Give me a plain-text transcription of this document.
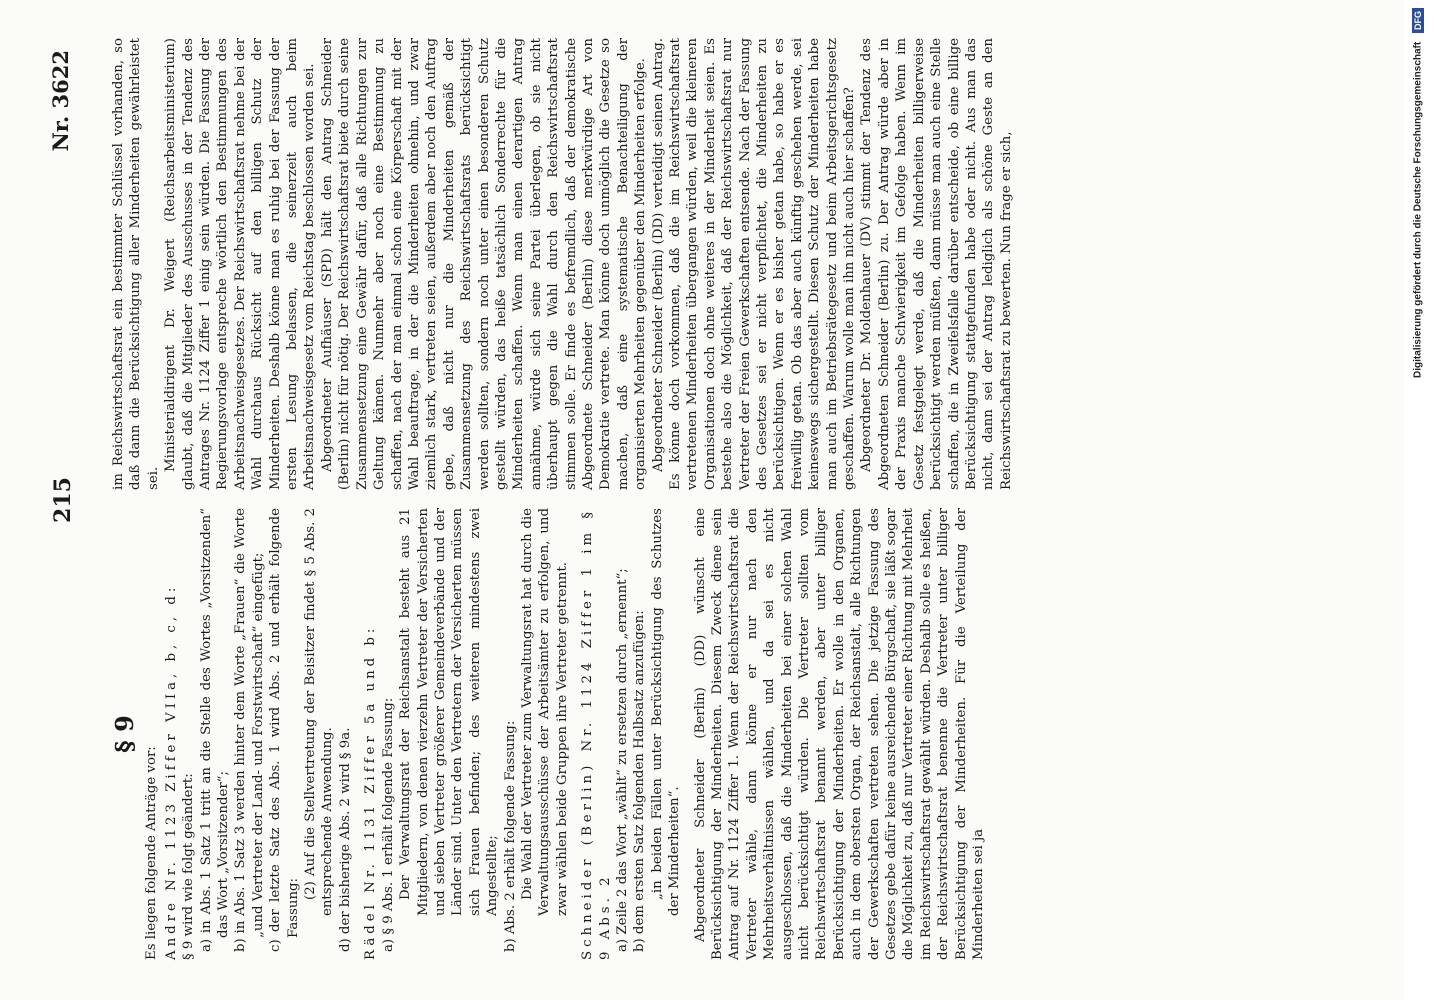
215
Nr. 3622
§ 9

Es liegen folgende Anträge vor: Andre Nr. 1123 Ziffer VIIa, b, c, d: § 9 wird wie folgt geändert: a) in Abs. 1 Satz 1 tritt an die Stelle des Wortes „Vorsitzenden“ das Wort „Vorsitzender“; b) in Abs. 1 Satz 3 werden hinter dem Worte „Frauen“ die Worte „und Vertreter der Land- und Forstwirtschaft“ eingefügt; c) der letzte Satz des Abs. 1 wird Abs. 2 und erhält folgende Fassung:

(2) Auf die Stellvertretung der Beisitzer findet § 5 Abs. 2 entsprechende Anwendung. d) der bisherige Abs. 2 wird § 9a. Rädel Nr. 1131 Ziffer 5a und b: a) § 9 Abs. 1 erhält folgende Fassung: Der Verwaltungsrat der Reichsanstalt besteht aus 21 Mitgliedern, von denen vierzehn Vertreter der Versicherten und sieben Vertreter größerer Gemeindeverbände und der Länder sind. Unter den Vertretern der Versicherten müssen sich Frauen befinden; des weiteren mindestens zwei Angestellte; b) Abs. 2 erhält folgende Fassung: Die Wahl der Vertreter zum Verwaltungsrat hat durch die Verwaltungsausschüsse der Arbeitsämter zu erfolgen, und zwar wählen beide Gruppen ihre Vertreter getrennt. Schneider (Berlin) Nr. 1124 Ziffer 1 im § 9 Abs. 2 a) Zeile 2 das Wort „wählt“ zu ersetzen durch „ernennt“; b) dem ersten Satz folgenden Halbsatz anzufügen: „in beiden Fällen unter Berücksichtigung des Schutzes der Minderheiten“. Abgeordneter Schneider (Berlin) (DD) wünscht eine Berücksichtigung der Minderheiten. Diesem Zweck diene sein Antrag auf Nr. 1124 Ziffer 1. Wenn der Reichswirtschaftsrat die Vertreter wähle, dann könne er nur nach den Mehrheitsverhältnissen wählen, und da sei es nicht ausgeschlossen, daß die Minderheiten bei einer solchen Wahl nicht berücksichtigt würden. Die Vertreter sollten vom Reichswirtschaftsrat benannt werden, aber unter billiger Berücksichtigung der Minderheiten. Er wolle in den Organen, auch in dem obersten Organ, der Reichsanstalt, alle Richtungen der Gewerkschaften vertreten sehen. Die jetzige Fassung des Gesetzes gebe dafür keine ausreichende Bürgschaft, sie läßt sogar die Möglichkeit zu, daß nur Vertreter einer Richtung mit Mehrheit im Reichswirtschaftsrat gewählt würden. Deshalb solle es heißen, der Reichswirtschaftsrat benenne die Vertreter unter billiger Berücksichtigung der Minderheiten. Für die Verteilung der Minderheiten sei ja

im Reichswirtschaftsrat ein bestimmter Schlüssel vorhanden, so daß dann die Berücksichtigung aller Minderheiten gewährleistet sei.

Ministerialdirigent Dr. Weigert (Reichsarbeitsministerium) glaubt, daß die Mitglieder des Ausschusses in der Tendenz des Antrages Nr. 1124 Ziffer 1 einig sein würden. Die Fassung der Regierungsvorlage entspreche wörtlich den Bestimmungen des Arbeitsnachweisgesetzes. Der Reichswirtschaftsrat nehme bei der Wahl durchaus Rücksicht auf den billigen Schutz der Minderheiten. Deshalb könne man es ruhig bei der Fassung der ersten Lesung belassen, die seinerzeit auch beim Arbeitsnachweisgesetz vom Reichstag beschlossen worden sei. Abgeordneter Aufhäuser (SPD) hält den Antrag Schneider (Berlin) nicht für nötig. Der Reichswirtschaftsrat biete durch seine Zusammensetzung eine Gewähr dafür, daß alle Richtungen zur Geltung kämen. Nunmehr aber noch eine Bestimmung zu schaffen, nach der man einmal schon eine Körperschaft mit der Wahl beauftrage, in der die Minderheiten ohnehin, und zwar ziemlich stark, vertreten seien, außerdem aber noch den Auftrag gebe, daß nicht nur die Minderheiten gemäß der Zusammensetzung des Reichswirtschaftsrats berücksichtigt werden sollten, sondern noch unter einen besonderen Schutz gestellt würden, das heiße tatsächlich Sonderrechte für die Minderheiten schaffen. Wenn man einen derartigen Antrag annähme, würde sich seine Partei überlegen, ob sie nicht überhaupt gegen die Wahl durch den Reichswirtschaftsrat stimmen solle. Er finde es befremdlich, daß der demokratische Abgeordnete Schneider (Berlin) diese merkwürdige Art von Demokratie vertrete. Man könne doch unmöglich die Gesetze so machen, daß eine systematische Benachteiligung der organisierten Mehrheiten gegenüber den Minderheiten erfolge. Abgeordneter Schneider (Berlin) (DD) verteidigt seinen Antrag. Es könne doch vorkommen, daß die im Reichswirtschaftsrat vertretenen Minderheiten übergangen würden, weil die kleineren Organisationen doch ohne weiteres in der Minderheit seien. Es bestehe also die Möglichkeit, daß der Reichswirtschaftsrat nur Vertreter der Freien Gewerkschaften entsende. Nach der Fassung des Gesetzes sei er nicht verpflichtet, die Minderheiten zu berücksichtigen. Wenn er es bisher getan habe, so habe er es freiwillig getan. Ob das aber auch künftig geschehen werde, sei keineswegs sichergestellt. Diesen Schutz der Minderheiten habe man auch im Betriebsrätegesetz und beim Arbeitsgerichtsgesetz geschaffen. Warum wolle man ihn nicht auch hier schaffen? Abgeordneter Dr. Moldenhauer (DV) stimmt der Tendenz des Abgeordneten Schneider (Berlin) zu. Der Antrag würde aber in der Praxis manche Schwierigkeit im Gefolge haben. Wenn im Gesetz festgelegt werde, daß die Minderheiten billigerweise berücksichtigt werden müßten, dann müsse man auch eine Stelle schaffen, die in Zweifelsfalle darüber entscheide, ob eine billige Berücksichtigung stattgefunden habe oder nicht. Aus man das nicht, dann sei der Antrag lediglich als schöne Geste an den Reichswirtschaftsrat zu bewerten. Nun frage er sich,	Digitalisierung gefördert durch die Deutsche Forschungsgemeinschaft DFG
